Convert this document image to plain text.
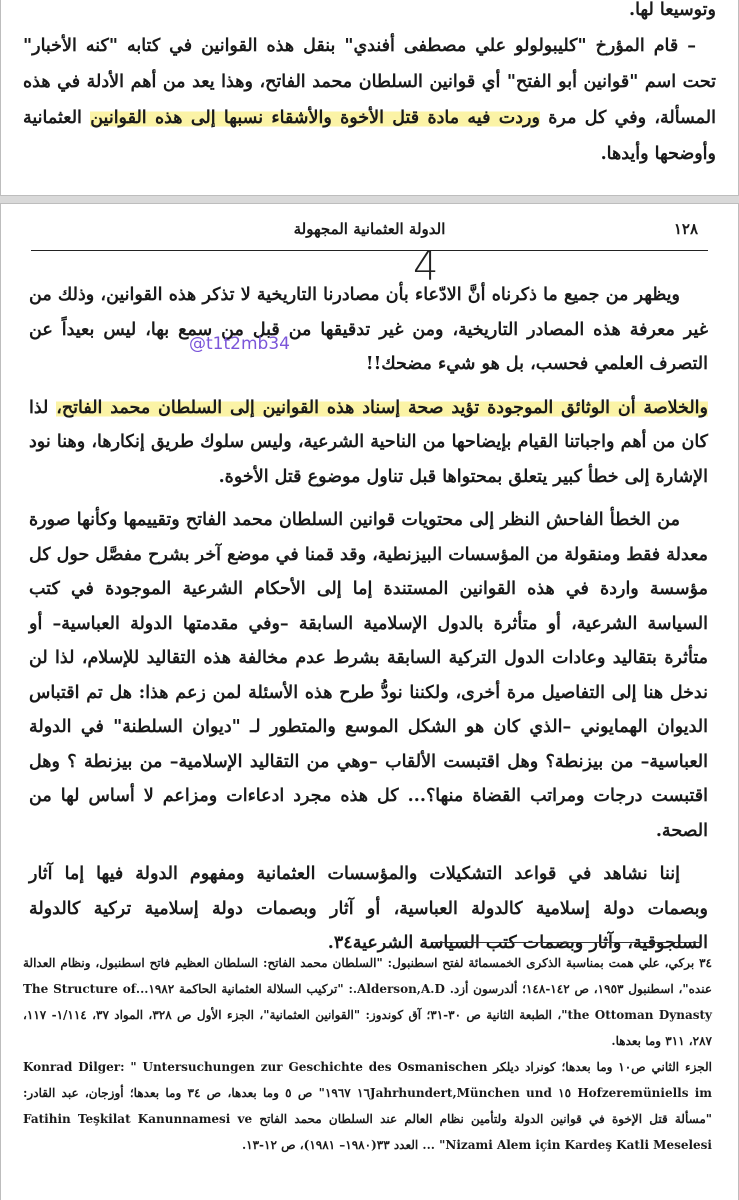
وتوسيعا لها.

– قام المؤرخ "كليبولولو علي مصطفى أفندي" بنقل هذه القوانين في كتابه "كنه الأخبار" تحت اسم "قوانين أبو الفتح" أي قوانين السلطان محمد الفاتح، وهذا يعد من أهم الأدلة في هذه المسألة، وفي كل مرة وردت فيه مادة قتل الأخوة والأشقاء نسبها إلى هذه القوانين العثمانية وأوضحها وأيدها.

١٢٨
الدولة العثمانية المجهولة
4

ويظهر من جميع ما ذكرناه أنَّ الادّعاء بأن مصادرنا التاريخية لا تذكر هذه القوانين، وذلك من غير معرفة هذه المصادر التاريخية، ومن غير تدقيقها من قبل من سمع بها، ليس بعيداً عن التصرف العلمي فحسب، بل هو شيء مضحك!!

والخلاصة أن الوثائق الموجودة تؤيد صحة إسناد هذه القوانين إلى السلطان محمد الفاتح، لذا كان من أهم واجباتنا القيام بإيضاحها من الناحية الشرعية، وليس سلوك طريق إنكارها، وهنا نود الإشارة إلى خطأ كبير يتعلق بمحتواها قبل تناول موضوع قتل الأخوة.

من الخطأ الفاحش النظر إلى محتويات قوانين السلطان محمد الفاتح وتقييمها وكأنها صورة معدلة فقط ومنقولة من المؤسسات البيزنطية، وقد قمنا في موضع آخر بشرح مفصَّل حول كل مؤسسة واردة في هذه القوانين المستندة إما إلى الأحكام الشرعية الموجودة في كتب السياسة الشرعية، أو متأثرة بالدول الإسلامية السابقة –وفي مقدمتها الدولة العباسية– أو متأثرة بتقاليد وعادات الدول التركية السابقة بشرط عدم مخالفة هذه التقاليد للإسلام، لذا لن ندخل هنا إلى التفاصيل مرة أخرى، ولكننا نودُّ طرح هذه الأسئلة لمن زعم هذا: هل تم اقتباس الديوان الهمايوني –الذي كان هو الشكل الموسع والمتطور لـ "ديوان السلطنة" في الدولة العباسية– من بيزنطة؟ وهل اقتبست الألقاب –وهي من التقاليد الإسلامية– من بيزنطة ؟ وهل اقتبست درجات ومراتب القضاة منها؟... كل هذه مجرد ادعاءات ومزاعم لا أساس لها من الصحة.

إننا نشاهد في قواعد التشكيلات والمؤسسات العثمانية ومفهوم الدولة فيها إما آثار وبصمات دولة إسلامية كالدولة العباسية، أو آثار وبصمات دولة إسلامية تركية كالدولة السلجوقية، وآثار وبصمات كتب السياسة الشرعية٣٤.

@t1t2mb34

٣٤ بركي، علي همت بمناسبة الذكرى الخمسمائة لفتح اسطنبول: "السلطان محمد الفاتح: السلطان العظيم فاتح اسطنبول، ونظام العدالة عنده"، اسطنبول ١٩٥٣، ص ١٤٢-١٤٨؛ ألدرسون أزد. Alderson,A.D.: "تركيب السلالة العثمانية الحاكمة ١٩٨٢...The Structure of the Ottoman Dynasty"، الطبعة الثانية ص ٣٠-٣١؛ آق كوندوز: "القوانين العثمانية"، الجزء الأول ص ٣٢٨، المواد ٣٧، ١/١١٤- ١١٧، ٢٨٧، ٣١١ وما بعدها.

الجزء الثاني ص١٠ وما بعدها؛ كونراد ديلكر Konrad Dilger: " Untersuchungen zur Geschichte des Osmanischen Hofzeremüniells im ١٥ und ١٦Jahrhundert,München ١٩٦٧" ص ٥ وما بعدها، ص ٣٤ وما بعدها؛ أوزجان، عبد القادر: "مسألة قتل الإخوة في قوانين الدولة ولتأمين نظام العالم عند السلطان محمد الفاتح Fatihin Teşkilat Kanunnamesi ve Nizami Alem için Kardeş Katli Meselesi" ... العدد ٣٣(١٩٨٠– ١٩٨١)، ص ١٢-١٣.
